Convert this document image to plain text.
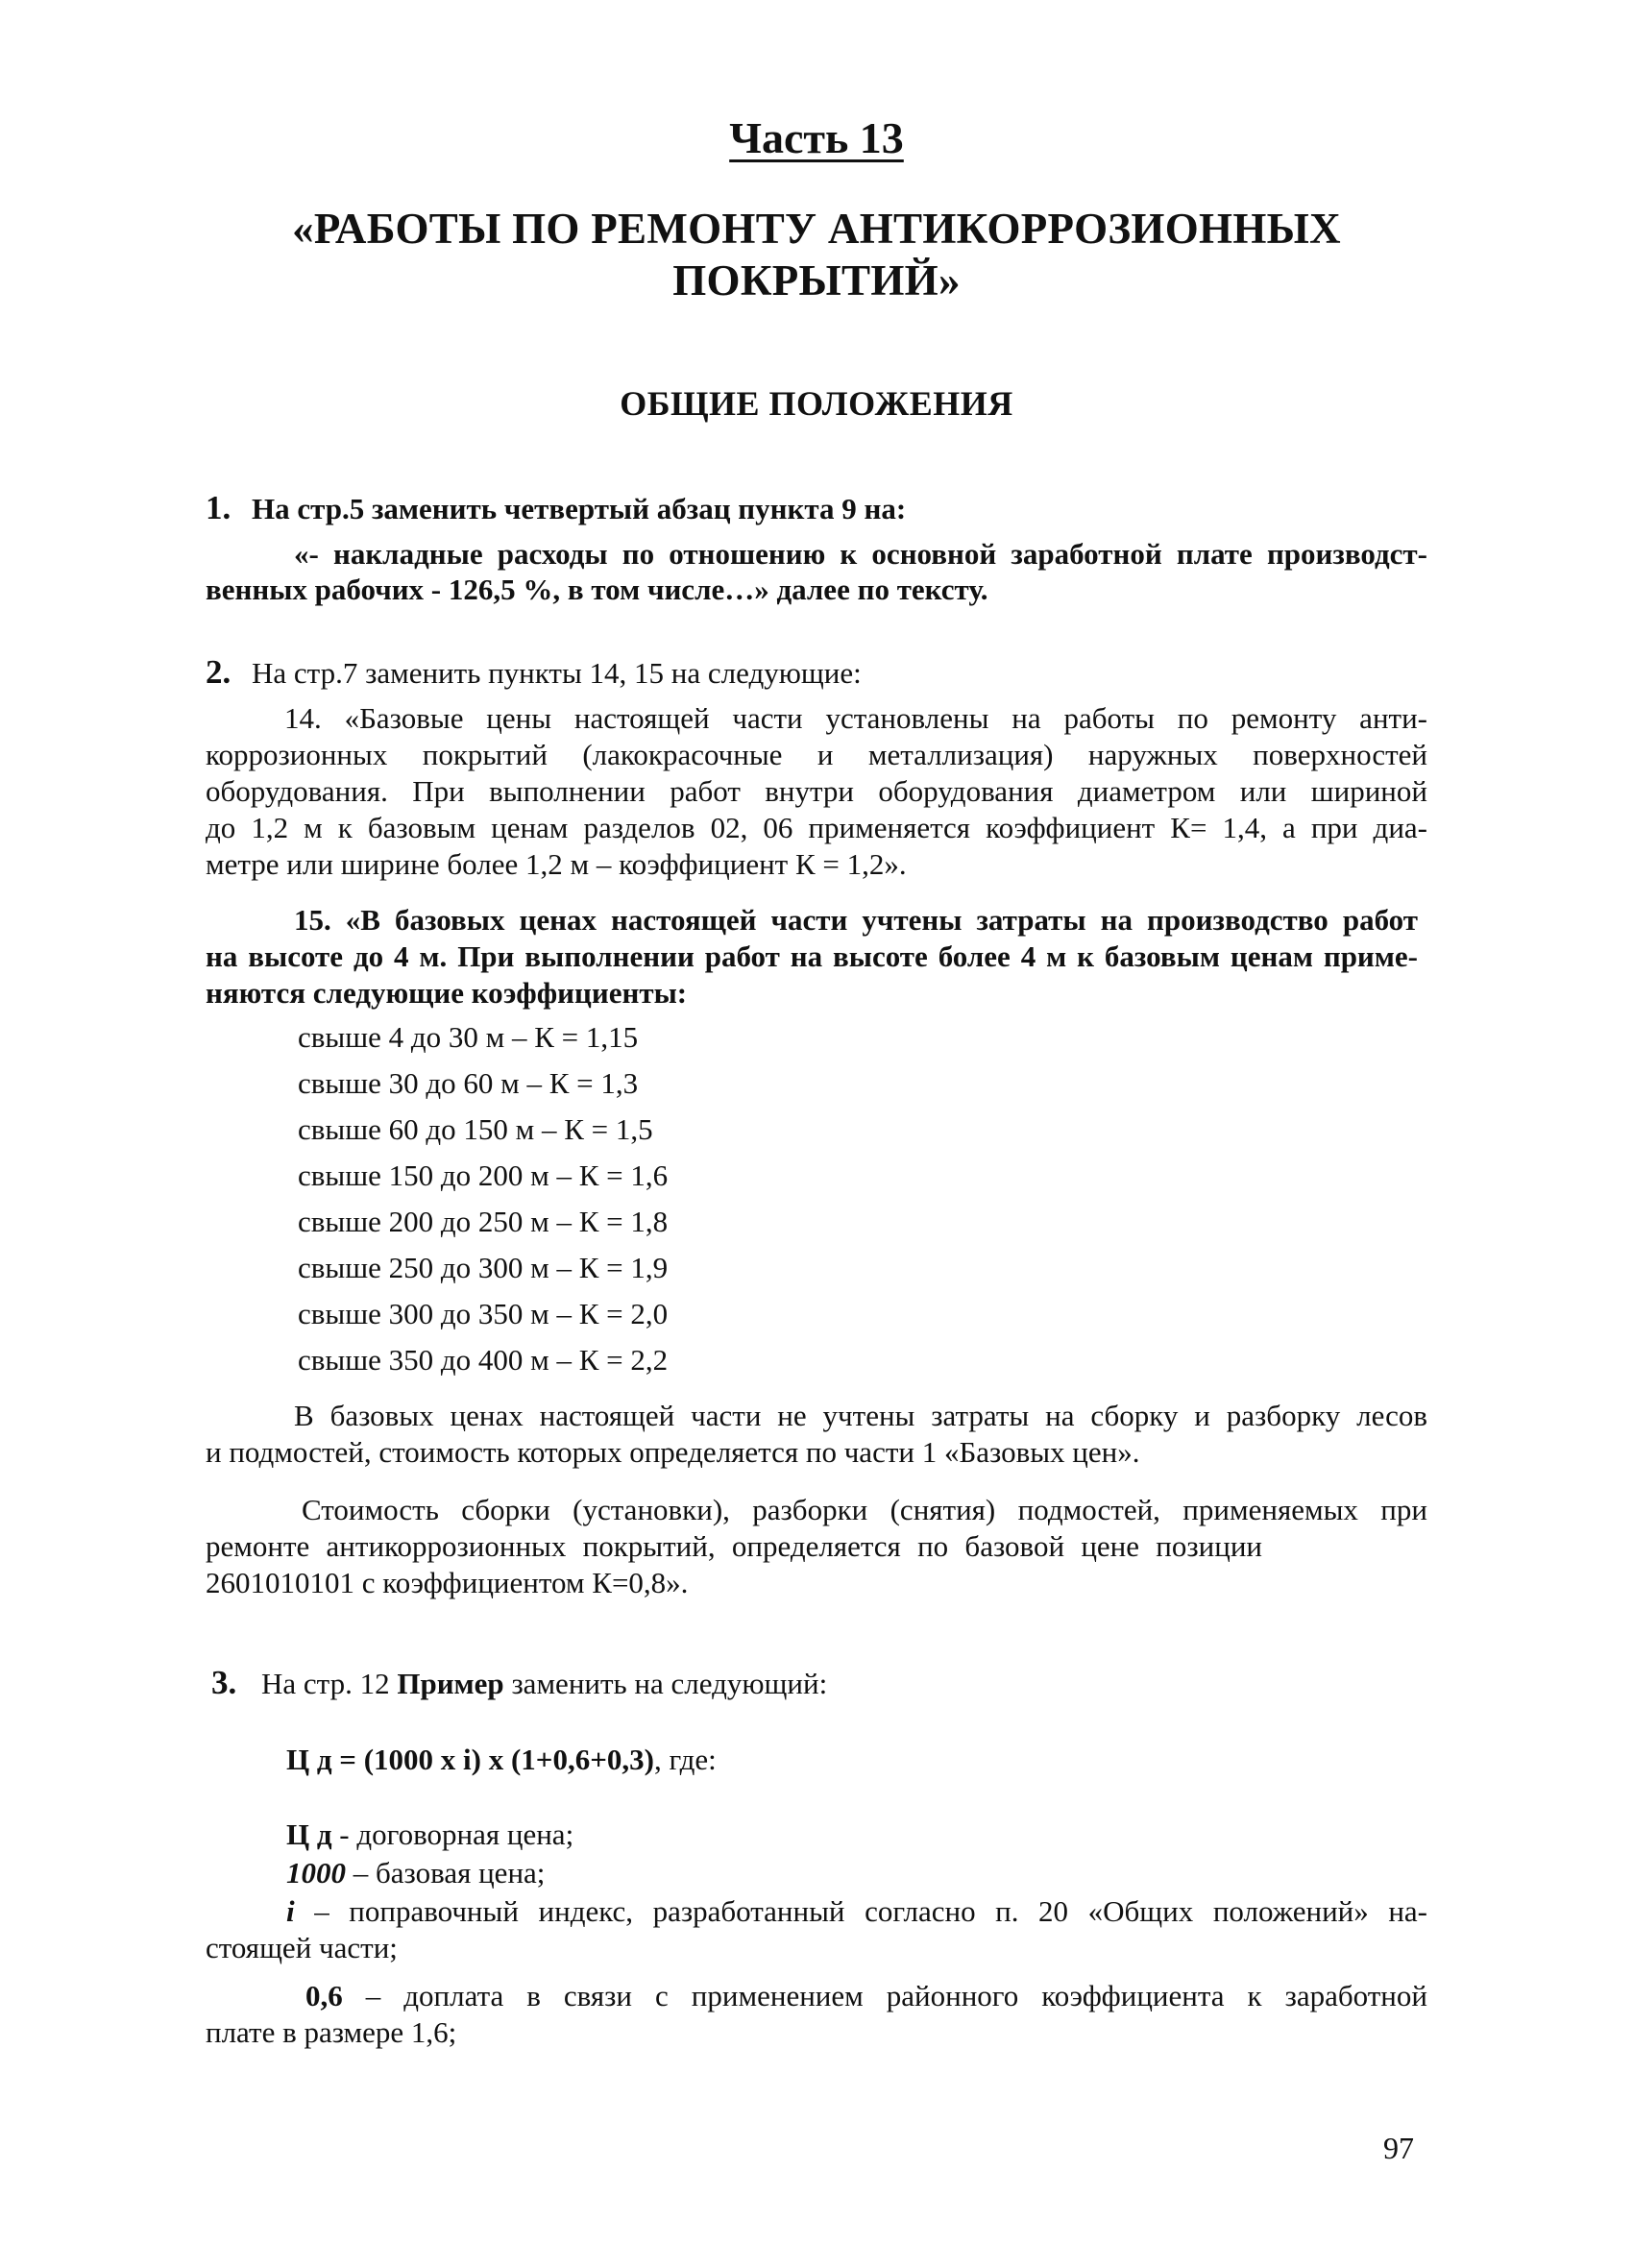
Часть 13
«РАБОТЫ ПО РЕМОНТУ АНТИКОРРОЗИОННЫХ
ПОКРЫТИЙ»
ОБЩИЕ ПОЛОЖЕНИЯ
1. На стр.5 заменить четвертый абзац пункта 9 на:
«- накладные расходы по отношению к основной заработной плате производст-
венных рабочих - 126,5 %, в том числе…» далее по тексту.
2. На стр.7 заменить пункты 14, 15 на следующие:
14. «Базовые цены настоящей части установлены на работы по ремонту анти-
коррозионных покрытий (лакокрасочные и металлизация) наружных поверхностей
оборудования. При выполнении работ внутри оборудования диаметром или шириной
до 1,2 м к базовым ценам разделов 02, 06 применяется коэффициент К= 1,4, а при диа-
метре или ширине более 1,2 м – коэффициент К = 1,2».
15. «В базовых ценах настоящей части учтены затраты на производство работ
на высоте до 4 м. При выполнении работ на высоте более 4 м к базовым ценам приме-
няются следующие коэффициенты:
свыше 4 до 30 м – К = 1,15
свыше 30 до 60 м – К = 1,3
свыше 60 до 150 м – К = 1,5
свыше 150 до 200 м – К = 1,6
свыше 200 до 250 м – К = 1,8
свыше 250 до 300 м – К = 1,9
свыше 300 до 350 м – К = 2,0
свыше 350 до 400 м – К = 2,2
В базовых ценах настоящей части не учтены затраты на сборку и разборку лесов
и подмостей, стоимость которых определяется по части 1 «Базовых цен».
Стоимость сборки (установки), разборки (снятия) подмостей, применяемых при
ремонте антикоррозионных покрытий, определяется по базовой цене позиции
2601010101 с коэффициентом К=0,8».
3. На стр. 12 Пример заменить на следующий:
Ц д = (1000 х i) х (1+0,6+0,3), где:
Ц д - договорная цена;
1000 – базовая цена;
i – поправочный индекс, разработанный согласно п. 20 «Общих положений» на-
стоящей части;
0,6 – доплата в связи с применением районного коэффициента к заработной
плате в размере 1,6;
97
